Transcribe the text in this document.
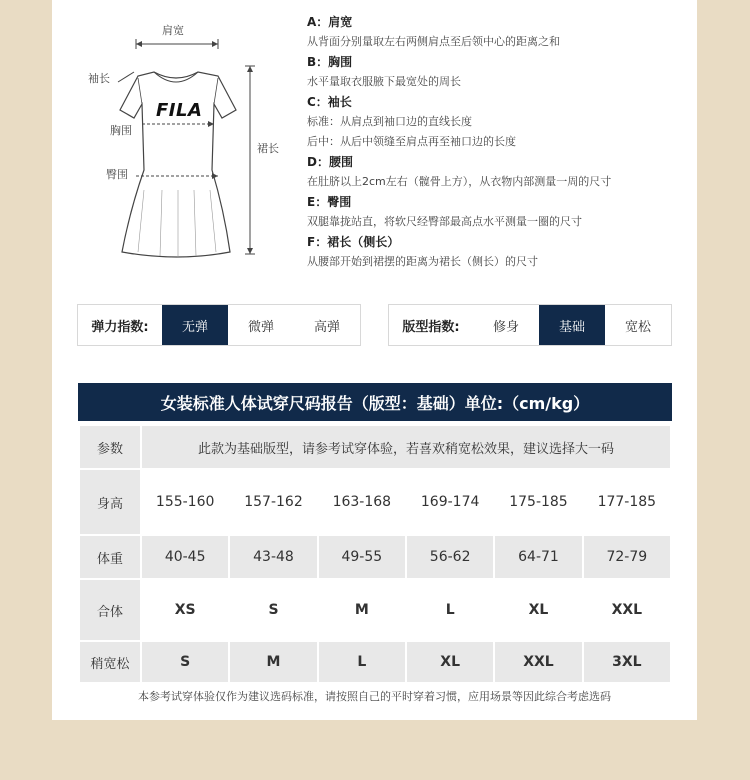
肩宽
袖长
胸围
臀围
裙长
FILA
A：肩宽
从背面分别量取左右两侧肩点至后领中心的距离之和
B：胸围
水平量取衣服腋下最宽处的周长
C：袖长
标准：从肩点到袖口边的直线长度
后中：从后中领缝至肩点再至袖口边的长度
D：腰围
在肚脐以上2cm左右（髋骨上方），从衣物内部测量一周的尺寸
E：臀围
双腿靠拢站直，将软尺经臀部最高点水平测量一圈的尺寸
F：裙长（侧长）
从腰部开始到裙摆的距离为裙长（侧长）的尺寸
弹力指数:	无弹	微弹	高弹	版型指数:	修身	基础	宽松
女装标准人体试穿尺码报告（版型：基础）单位:（cm/kg）
参数	此款为基础版型，请参考试穿体验，若喜欢稍宽松效果，建议选择大一码					
身高	155-160	157-162	163-168	169-174	175-185	177-185
体重	40-45	43-48	49-55	56-62	64-71	72-79
合体	XS	S	M	L	XL	XXL
稍宽松	S	M	L	XL	XXL	3XL
本参考试穿体验仅作为建议选码标准，请按照自己的平时穿着习惯，应用场景等因此综合考虑选码
